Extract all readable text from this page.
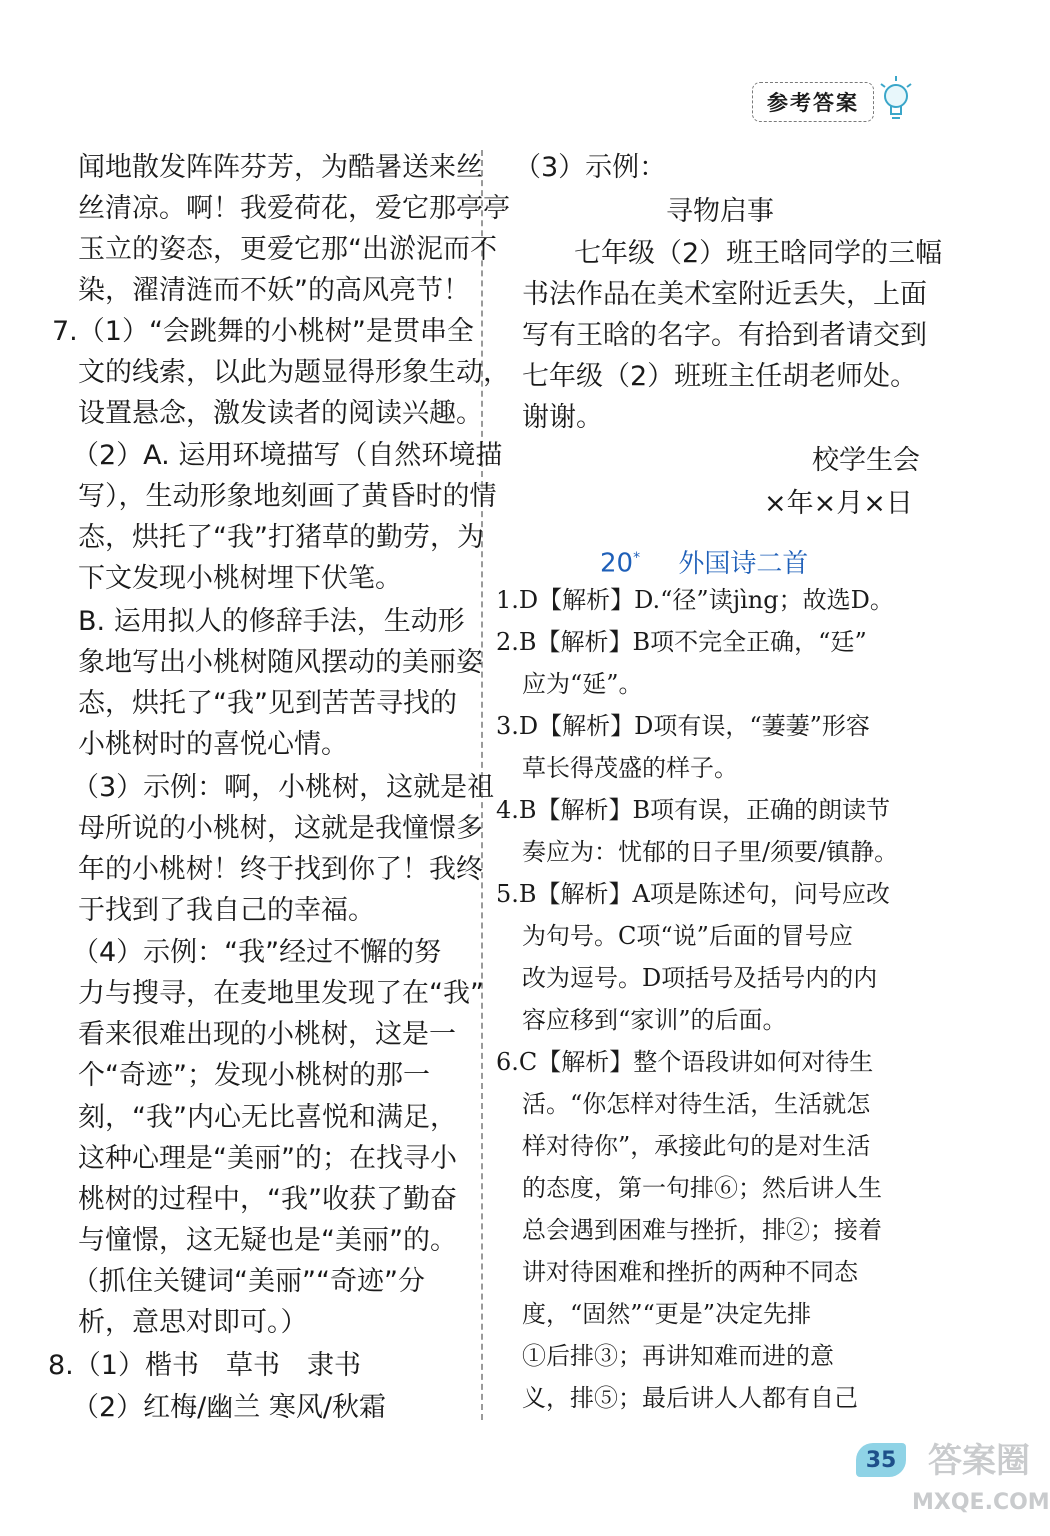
参考答案
闻地散发阵阵芬芳，为酷暑送来丝
丝清凉。啊！我爱荷花，爱它那亭亭
玉立的姿态，更爱它那“出淤泥而不
染，濯清涟而不妖”的高风亮节！
7.（1）“会跳舞的小桃树”是贯串全
文的线索，以此为题显得形象生动，
设置悬念，激发读者的阅读兴趣。
（2）A. 运用环境描写（自然环境描
写），生动形象地刻画了黄昏时的情
态，烘托了“我”打猪草的勤劳，为
下文发现小桃树埋下伏笔。
B. 运用拟人的修辞手法，生动形
象地写出小桃树随风摆动的美丽姿
态，烘托了“我”见到苦苦寻找的
小桃树时的喜悦心情。
（3）示例：啊，小桃树，这就是祖
母所说的小桃树，这就是我憧憬多
年的小桃树！终于找到你了！我终
于找到了我自己的幸福。
（4）示例：“我”经过不懈的努
力与搜寻，在麦地里发现了在“我”
看来很难出现的小桃树，这是一
个“奇迹”；发现小桃树的那一
刻，“我”内心无比喜悦和满足，
这种心理是“美丽”的；在找寻小
桃树的过程中，“我”收获了勤奋
与憧憬，这无疑也是“美丽”的。
（抓住关键词“美丽”“奇迹”分
析，意思对即可。）
8.（1）楷书　草书　隶书
（2）红梅/幽兰 寒风/秋霜
（3）示例：
寻物启事
七年级（2）班王晗同学的三幅
书法作品在美术室附近丢失，上面
写有王晗的名字。有拾到者请交到
七年级（2）班班主任胡老师处。
谢谢。
校学生会
×年×月×日
20* 外国诗二首
1.D【解析】D.“径”读jìng；故选D。
2.B【解析】B项不完全正确，“廷”
应为“延”。
3.D【解析】D项有误，“萋萋”形容
草长得茂盛的样子。
4.B【解析】B项有误，正确的朗读节
奏应为：忧郁的日子里/须要/镇静。
5.B【解析】A项是陈述句，问号应改
为句号。C项“说”后面的冒号应
改为逗号。D项括号及括号内的内
容应移到“家训”的后面。
6.C【解析】整个语段讲如何对待生
活。“你怎样对待生活，生活就怎
样对待你”，承接此句的是对生活
的态度，第一句排⑥；然后讲人生
总会遇到困难与挫折，排②；接着
讲对待困难和挫折的两种不同态
度，“固然”“更是”决定先排
①后排③；再讲知难而进的意
义，排⑤；最后讲人人都有自己
35 答案圈
MXQE.COM
